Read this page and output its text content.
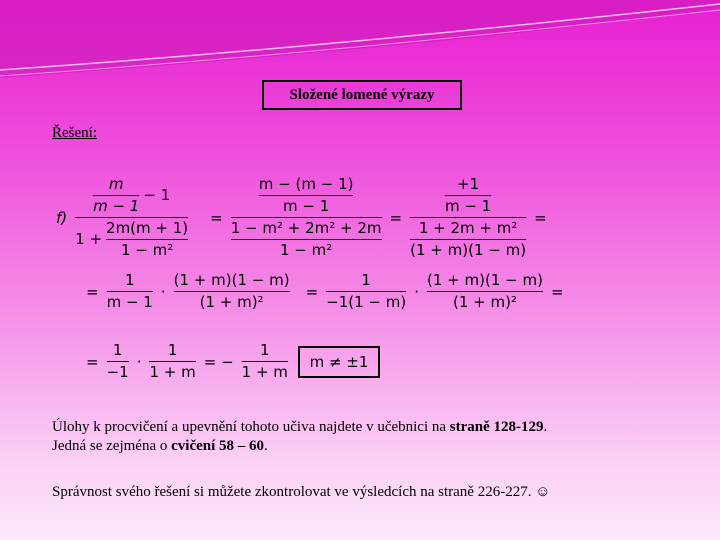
Složené lomené výrazy
Řešení:
$f) \frac{\frac{m}{m - 1} - 1}{1 + \frac{2m(m + 1)}{\text{1 − m²}}} = \frac{\frac{m - (m - 1)}{m - 1}}{\frac{\text{1 − m² + 2m² + 2m}}{\text{1 − m²}}} = \frac{\frac{+1}{m - 1}}{\frac{\text{1 + 2m + m²}}{(1 + m)(1 - m)}}$ =
= $\frac{1}{m - 1} \cdot \frac{(1 + m)(1 - m)}{\text{(1 + m)²}} = \frac{1}{-1(1 - m)} \cdot \frac{(1 + m)(1 - m)}{\text{(1 + m)²}}$ =
= $\frac{1}{-1} \cdot \frac{1}{1 + m}$ = − $\frac{1}{1 + m}$	m ≠ ±1
Úlohy k procvičení a upevnění tohoto učiva najdete v učebnici na straně 128-129.
Jedná se zejména o cvičení 58 – 60.
Správnost svého řešení si můžete zkontrolovat ve výsledcích na straně 226-227. ☺
